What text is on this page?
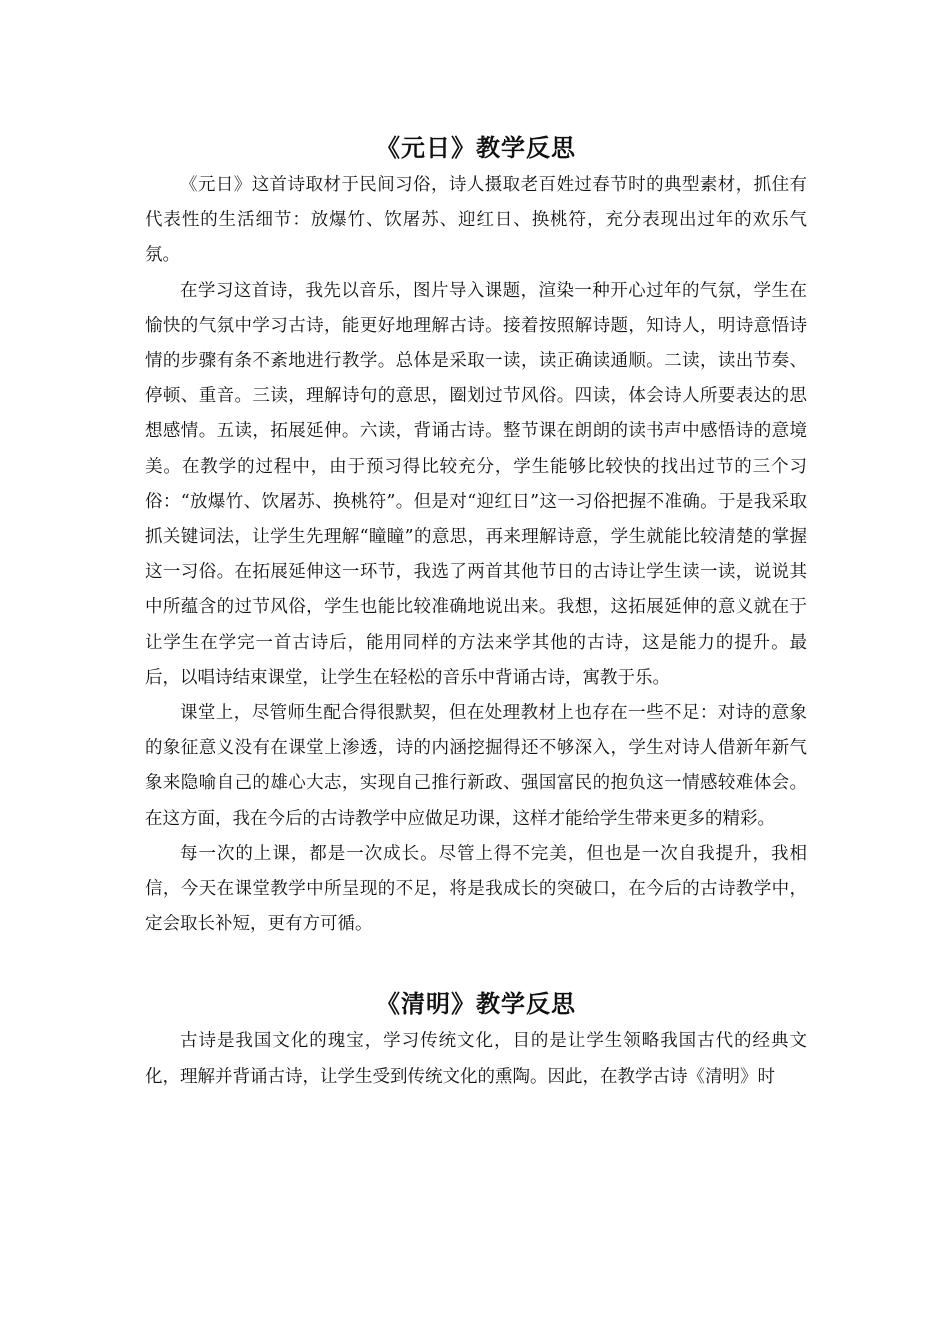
《元日》教学反思

《元日》这首诗取材于民间习俗，诗人摄取老百姓过春节时的典型素材，抓住有代表性的生活细节：放爆竹、饮屠苏、迎红日、换桃符，充分表现出过年的欢乐气氛。

在学习这首诗，我先以音乐，图片导入课题，渲染一种开心过年的气氛，学生在愉快的气氛中学习古诗，能更好地理解古诗。接着按照解诗题，知诗人，明诗意悟诗情的步骤有条不紊地进行教学。总体是采取一读，读正确读通顺。二读，读出节奏、停顿、重音。三读，理解诗句的意思，圈划过节风俗。四读，体会诗人所要表达的思想感情。五读，拓展延伸。六读，背诵古诗。整节课在朗朗的读书声中感悟诗的意境美。在教学的过程中，由于预习得比较充分，学生能够比较快的找出过节的三个习俗：“放爆竹、饮屠苏、换桃符”。但是对“迎红日”这一习俗把握不准确。于是我采取抓关键词法，让学生先理解“瞳瞳”的意思，再来理解诗意，学生就能比较清楚的掌握这一习俗。在拓展延伸这一环节，我选了两首其他节日的古诗让学生读一读，说说其中所蕴含的过节风俗，学生也能比较准确地说出来。我想，这拓展延伸的意义就在于让学生在学完一首古诗后，能用同样的方法来学其他的古诗，这是能力的提升。最后，以唱诗结束课堂，让学生在轻松的音乐中背诵古诗，寓教于乐。

课堂上，尽管师生配合得很默契，但在处理教材上也存在一些不足：对诗的意象的象征意义没有在课堂上渗透，诗的内涵挖掘得还不够深入，学生对诗人借新年新气象来隐喻自己的雄心大志，实现自己推行新政、强国富民的抱负这一情感较难体会。在这方面，我在今后的古诗教学中应做足功课，这样才能给学生带来更多的精彩。

每一次的上课，都是一次成长。尽管上得不完美，但也是一次自我提升，我相信，今天在课堂教学中所呈现的不足，将是我成长的突破口，在今后的古诗教学中，定会取长补短，更有方可循。

《清明》教学反思

古诗是我国文化的瑰宝，学习传统文化，目的是让学生领略我国古代的经典文化，理解并背诵古诗，让学生受到传统文化的熏陶。因此，在教学古诗《清明》时
